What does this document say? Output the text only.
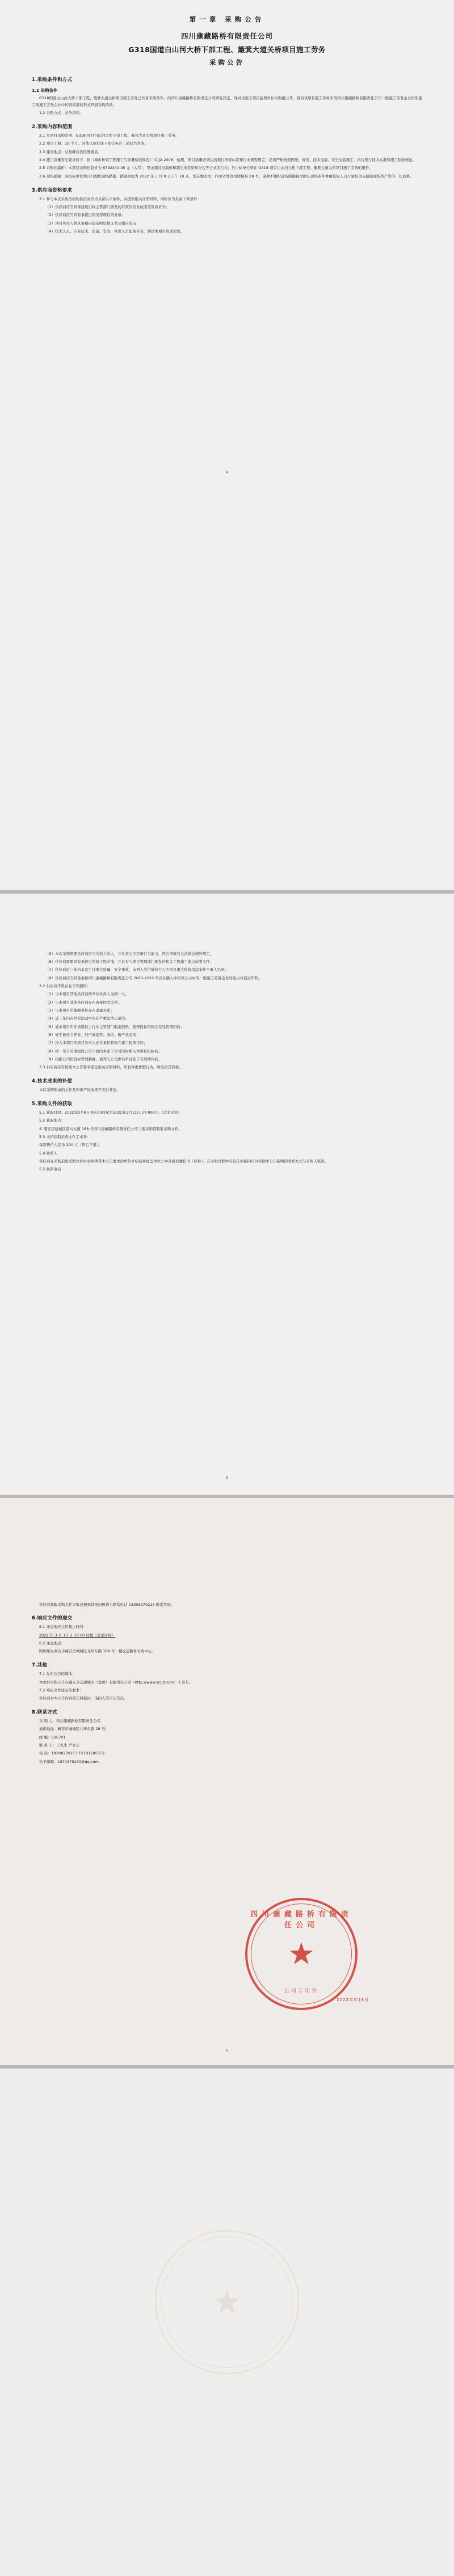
第一章 采购公告
四川康藏路桥有限责任公司
G318国道白山河大桥下部工程、簸箕大道关桥项目施工劳务
采购公告
1.采购条件和方式
1.1 采购条件

G318国道白山河大桥下部工程、簸箕大道关桥项目施工劳务已具备采购条件，经四川康藏路桥有限责任公司研究决定，现对该施工项目监理单位采购组公开，现对该项目施工劳务采用四川康藏路桥有限责任公司一般施工劳务企业资质施工现施工劳务企业中的资质准的形式开展采购活动。

1.2 采购方式：竞争谈判。

2.采购内容和范围

2.1 本项目采购范围：G318 项目白山河大桥下部工程、簸箕大道关桥项目施工劳务。

2.2 项目工期：18 个月，具体以项目部下发任务开工通知书为准。

2.3 建设地点：甘孜藏自治区理塘县。

2.4 施工质量安全要求如下：按《城市桥梁工程施工与质量验收规范》（CJJ2-2008）检测、项目质量必须达到现行国家标准和行业规程规定，必须严格按照图纸、规范、技术交底、安全交底施工，执行现行技术标准和施工验收规范。

2.5 采购控制价：本项目采购控制价为 6792340.95 元（大写），禁止超过控制价和超出所有资质分包等方式的行为；凡中标单位须在 G318 项目白山河大桥下部工程、簸箕大道关桥项目施工劳务的报价。

2.6 现场踏勘：各投标单位须自行组织现场踏勘，踏勘时间为 2022 年 3 月 8 日上午 10 点，需在地点为：四川省甘孜州理塘县 28 号，逾期不组织现场踏勘视为默认现场条件并由投标人自行承担因未踏勘现场所产生的一切后果。

3.供应商资格要求

3.1 参与本次采购活动的供应商应当具备以下条件，并提供相关证明材料，同时应当具备下列条件：

（1）供应商应当具备建设行政主管部门颁发的有效的营业执照等资质证书；

（2）供应商应当具有承揽过同类型项目的业绩；

（3）项目负责人须具备相应建造师资格证书及相应资历；

（4）技术人员、专业技术、质量、安全、管理人员配备齐全，满足本项目管理需要。

4

（5）本次采购需要供应商应当为独立法人，并具备完全民事行为能力，符合国家有关法律法规的规定。

（6）供应商需要具有承担过类似工程业绩，并具有与项目管理部门颁发的相关工程施工能力证明文件；

（7）供应商近三年内未发生过重大质量、安全事故，未列入失信被执行人名单及重大税收违法案件当事人名单；

（8）供应商应当具备承担四川康藏路桥有限责任公司 2021-2022 年营业额入库结果公示中的一般施工劳务企业的能力并通过审核。

3.2 供应商不得存在下列情形：

（1）与本项目其他供应商的单位负责人为同一人；

（2）与本项目其他供应商存在直接控股关系；

（3）与本项目的编制单位存在隶属关系；

（4）近三年内在经营活动中存在严重违法记录的；

（5）被本项目所在省级以上行业主管部门取消资格、暂停投标资格且在处罚期内的；

（6）处于被责令停业、财产被接管、冻结、破产状态的；

（7）投入本项目的项目负责人正在承担其他在建工程项目的；

（8）同一母公司或控股公司下属的多家子公司同时参与本项目投标的；

（9）根据公司招投标管理制度，被列入公司黑名单且处于有效期内的。

3.3 供应商应当按照本公告要求提交相关证明材料，如有弄虚作假行为，将取消其资格。

4.技术成果的补偿

本次采购形成的文件及知识产权成果不支付补偿。

5.采购文件的获取

5.1 获取时间：2022年3月8日 09:00时起至2022年3月11日 17:00时止（北京时间）

5.2 获取地点：

① 康安房建城区景马大道 188 号四川康藏路桥有限责任公司三楼采购部获取采购文件。

5.3 文档获取采购文件工本费：

每套售价人民币 200 元（售后不退）。

5.4 联系人

供应商在采购前取采购文件时必须携带本公告要求的单位介绍信并加盖单位公章及授权委托书（原件），在采购过程中若有任何疑问可以按照本公告载明的联系方式与采购人联系。

5.5 联系电话

5

供应商获取采购文件失败或遇到其他问题请与联系电话 18308270213 联系咨询。

6.响应文件的递交

6.1 递交响应文件截止时间：

2022 年 3 月 13 日 10:00 时整（北京时间）

6.2 递交地点：

阿坝州九寨沟市藏安房城城区北环东路 188 号一楼交建服务采购中心。

7.其他

7.1 发布公告的媒体：

本项目采购公告在藏安全交建城市（集团）有限责任公司（http://www.scjljt.com）上发布。

7.2 响应文件递交的要求：

供应商对本公告内容的任何疑问，请向人联手公告出。

8.联系方式

采 购 人：四川康藏路桥有限责任公司

通讯地址：藏安市城城区北环东路 28 号。

邮 编：625701

联 系 人：王先生 严女士

电 话：18308270213 15181245552

电子邮箱：1874275230@qq.com

四川康藏路桥有限责任公司
★
公司专用章
2022年3月8日
6
★
